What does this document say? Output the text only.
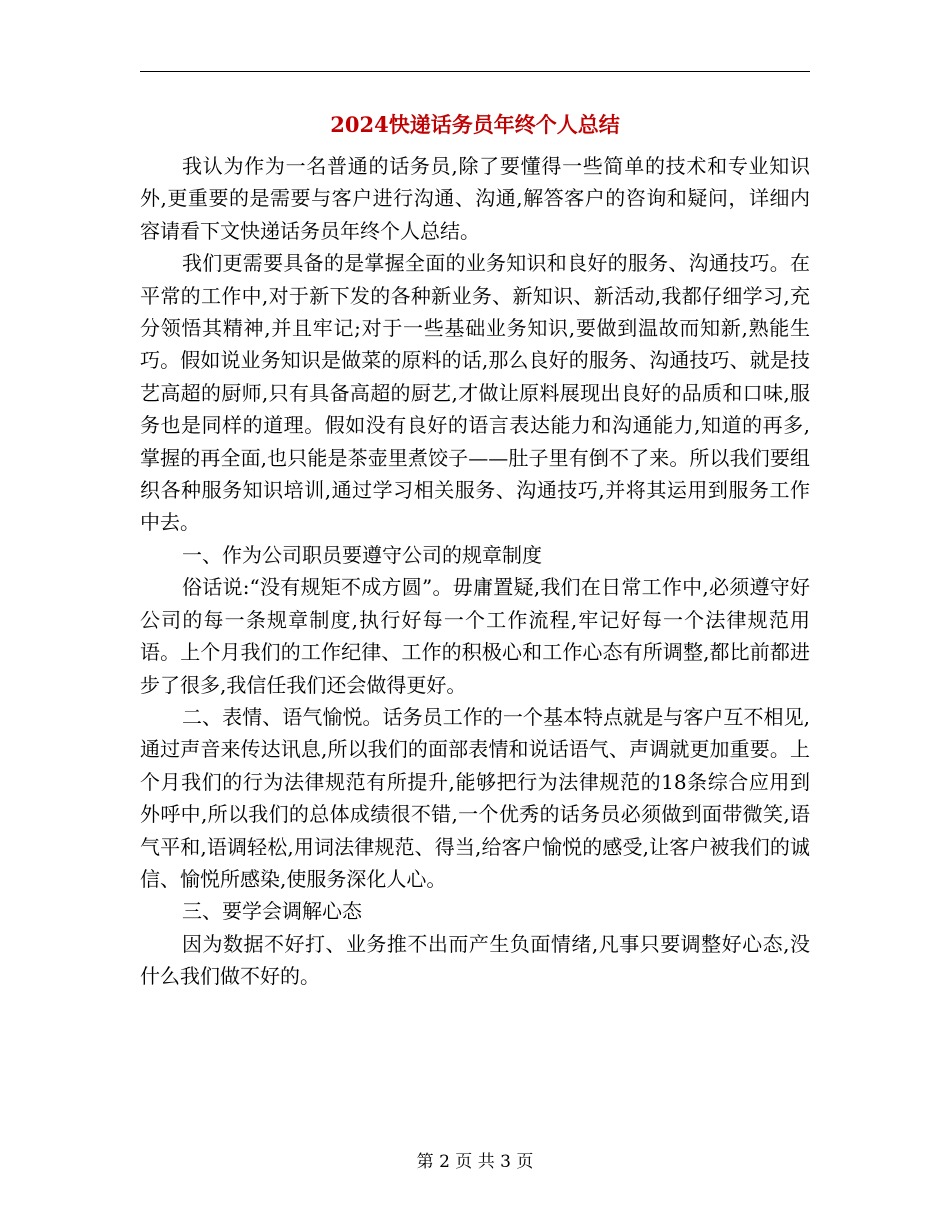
2024快递话务员年终个人总结

我认为作为一名普通的话务员,除了要懂得一些简单的技术和专业知识外,更重要的是需要与客户进行沟通、沟通,解答客户的咨询和疑问，详细内容请看下文快递话务员年终个人总结。

我们更需要具备的是掌握全面的业务知识和良好的服务、沟通技巧。在平常的工作中,对于新下发的各种新业务、新知识、新活动,我都仔细学习,充分领悟其精神,并且牢记;对于一些基础业务知识,要做到温故而知新,熟能生巧。假如说业务知识是做菜的原料的话,那么良好的服务、沟通技巧、就是技艺高超的厨师,只有具备高超的厨艺,才做让原料展现出良好的品质和口味,服务也是同样的道理。假如没有良好的语言表达能力和沟通能力,知道的再多,掌握的再全面,也只能是茶壶里煮饺子——肚子里有倒不了来。所以我们要组织各种服务知识培训,通过学习相关服务、沟通技巧,并将其运用到服务工作中去。

一、作为公司职员要遵守公司的规章制度

俗话说:“没有规矩不成方圆”。毋庸置疑,我们在日常工作中,必须遵守好公司的每一条规章制度,执行好每一个工作流程,牢记好每一个法律规范用语。上个月我们的工作纪律、工作的积极心和工作心态有所调整,都比前都进步了很多,我信任我们还会做得更好。

二、表情、语气愉悦。话务员工作的一个基本特点就是与客户互不相见,通过声音来传达讯息,所以我们的面部表情和说话语气、声调就更加重要。上个月我们的行为法律规范有所提升,能够把行为法律规范的18条综合应用到外呼中,所以我们的总体成绩很不错,一个优秀的话务员必须做到面带微笑,语气平和,语调轻松,用词法律规范、得当,给客户愉悦的感受,让客户被我们的诚信、愉悦所感染,使服务深化人心。

三、要学会调解心态

因为数据不好打、业务推不出而产生负面情绪,凡事只要调整好心态,没什么我们做不好的。

第 2 页 共 3 页
